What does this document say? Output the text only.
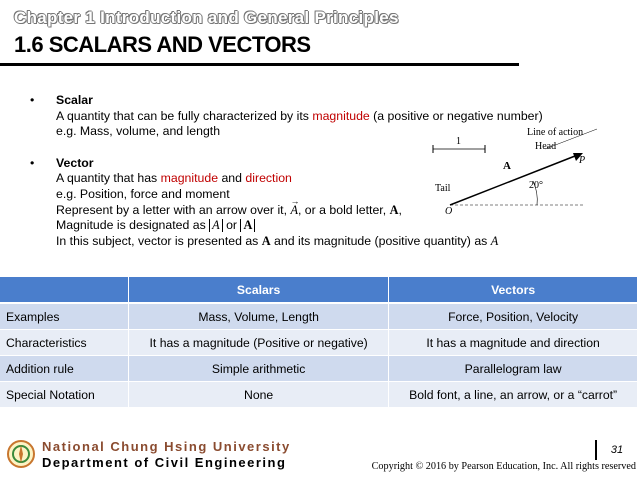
Chapter 1 Introduction and General Principles
1.6 SCALARS AND VECTORS
• Scalar
A quantity that can be fully characterized by its magnitude (a positive or negative number)
e.g. Mass, volume, and length
• Vector
A quantity that has magnitude and direction
e.g. Position, force and moment
Represent by a letter with an arrow over it,
→
A, or a bold letter, A,
Magnitude is designated as A or A
In this subject, vector is presented as A and its magnitude (positive quantity) as A
1
Line of action
Head
P
A
Tail	20°
O
	Scalars	Vectors
Examples	Mass, Volume, Length	Force, Position, Velocity
Characteristics	It has a magnitude (Positive or negative)	It has a magnitude and direction
Addition rule	Simple arithmetic	Parallelogram law
Special Notation	None	Bold font, a line, an arrow, or a “carrot”
National Chung Hsing University
Department of Civil Engineering
31
Copyright © 2016 by Pearson Education, Inc. All rights reserved
